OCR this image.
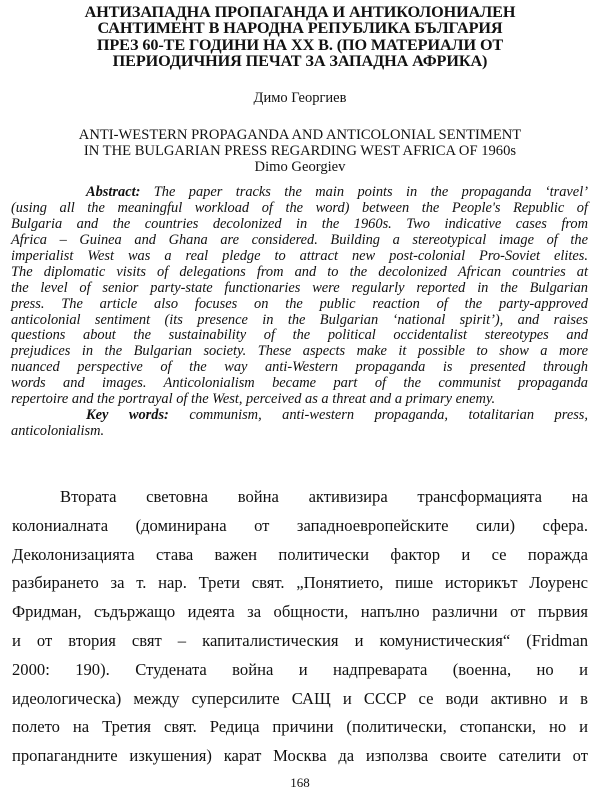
АНТИЗАПАДНА ПРОПАГАНДА И АНТИКОЛОНИАЛЕН
САНТИМЕНТ В НАРОДНА РЕПУБЛИКА БЪЛГАРИЯ
ПРЕЗ 60-ТЕ ГОДИНИ НА ХХ В. (ПО МАТЕРИАЛИ ОТ
ПЕРИОДИЧНИЯ ПЕЧАТ ЗА ЗАПАДНА АФРИКА)
Димо Георгиев
ANTI-WESTERN PROPAGANDA AND ANTICOLONIAL SENTIMENT
IN THE BULGARIAN PRESS REGARDING WEST AFRICA OF 1960s
Dimo Georgiev
Abstract: The paper tracks the main points in the propaganda ‘travel’
(using all the meaningful workload of the word) between the People's Republic of
Bulgaria and the countries decolonized in the 1960s. Two indicative cases from
Africa – Guinea and Ghana are considered. Building a stereotypical image of the
imperialist West was a real pledge to attract new post-colonial Pro-Soviet elites.
The diplomatic visits of delegations from and to the decolonized African countries at
the level of senior party-state functionaries were regularly reported in the Bulgarian
press. The article also focuses on the public reaction of the party-approved
anticolonial sentiment (its presence in the Bulgarian ‘national spirit’), and raises
questions about the sustainability of the political occidentalist stereotypes and
prejudices in the Bulgarian society. These aspects make it possible to show a more
nuanced perspective of the way anti-Western propaganda is presented through
words and images. Anticolonialism became part of the communist propaganda
repertoire and the portrayal of the West, perceived as a threat and a primary enemy.
Key words: communism, anti-western propaganda, totalitarian press,
anticolonialism.
Втората световна война активизира трансформацията на
колониалната (доминирана от западноевропейските сили) сфера.
Деколонизацията става важен политически фактор и се поражда
разбирането за т. нар. Трети свят. „Понятието, пише историкът Лоуренс
Фридман, съдържащо идеята за общности, напълно различни от първия
и от втория свят – капиталистическия и комунистическия“ (Fridman
2000: 190). Студената война и надпреварата (военна, но и
идеологическа) между суперсилите САЩ и СССР се води активно и в
полето на Третия свят. Редица причини (политически, стопански, но и
пропагандните изкушения) карат Москва да използва своите сателити от
168
